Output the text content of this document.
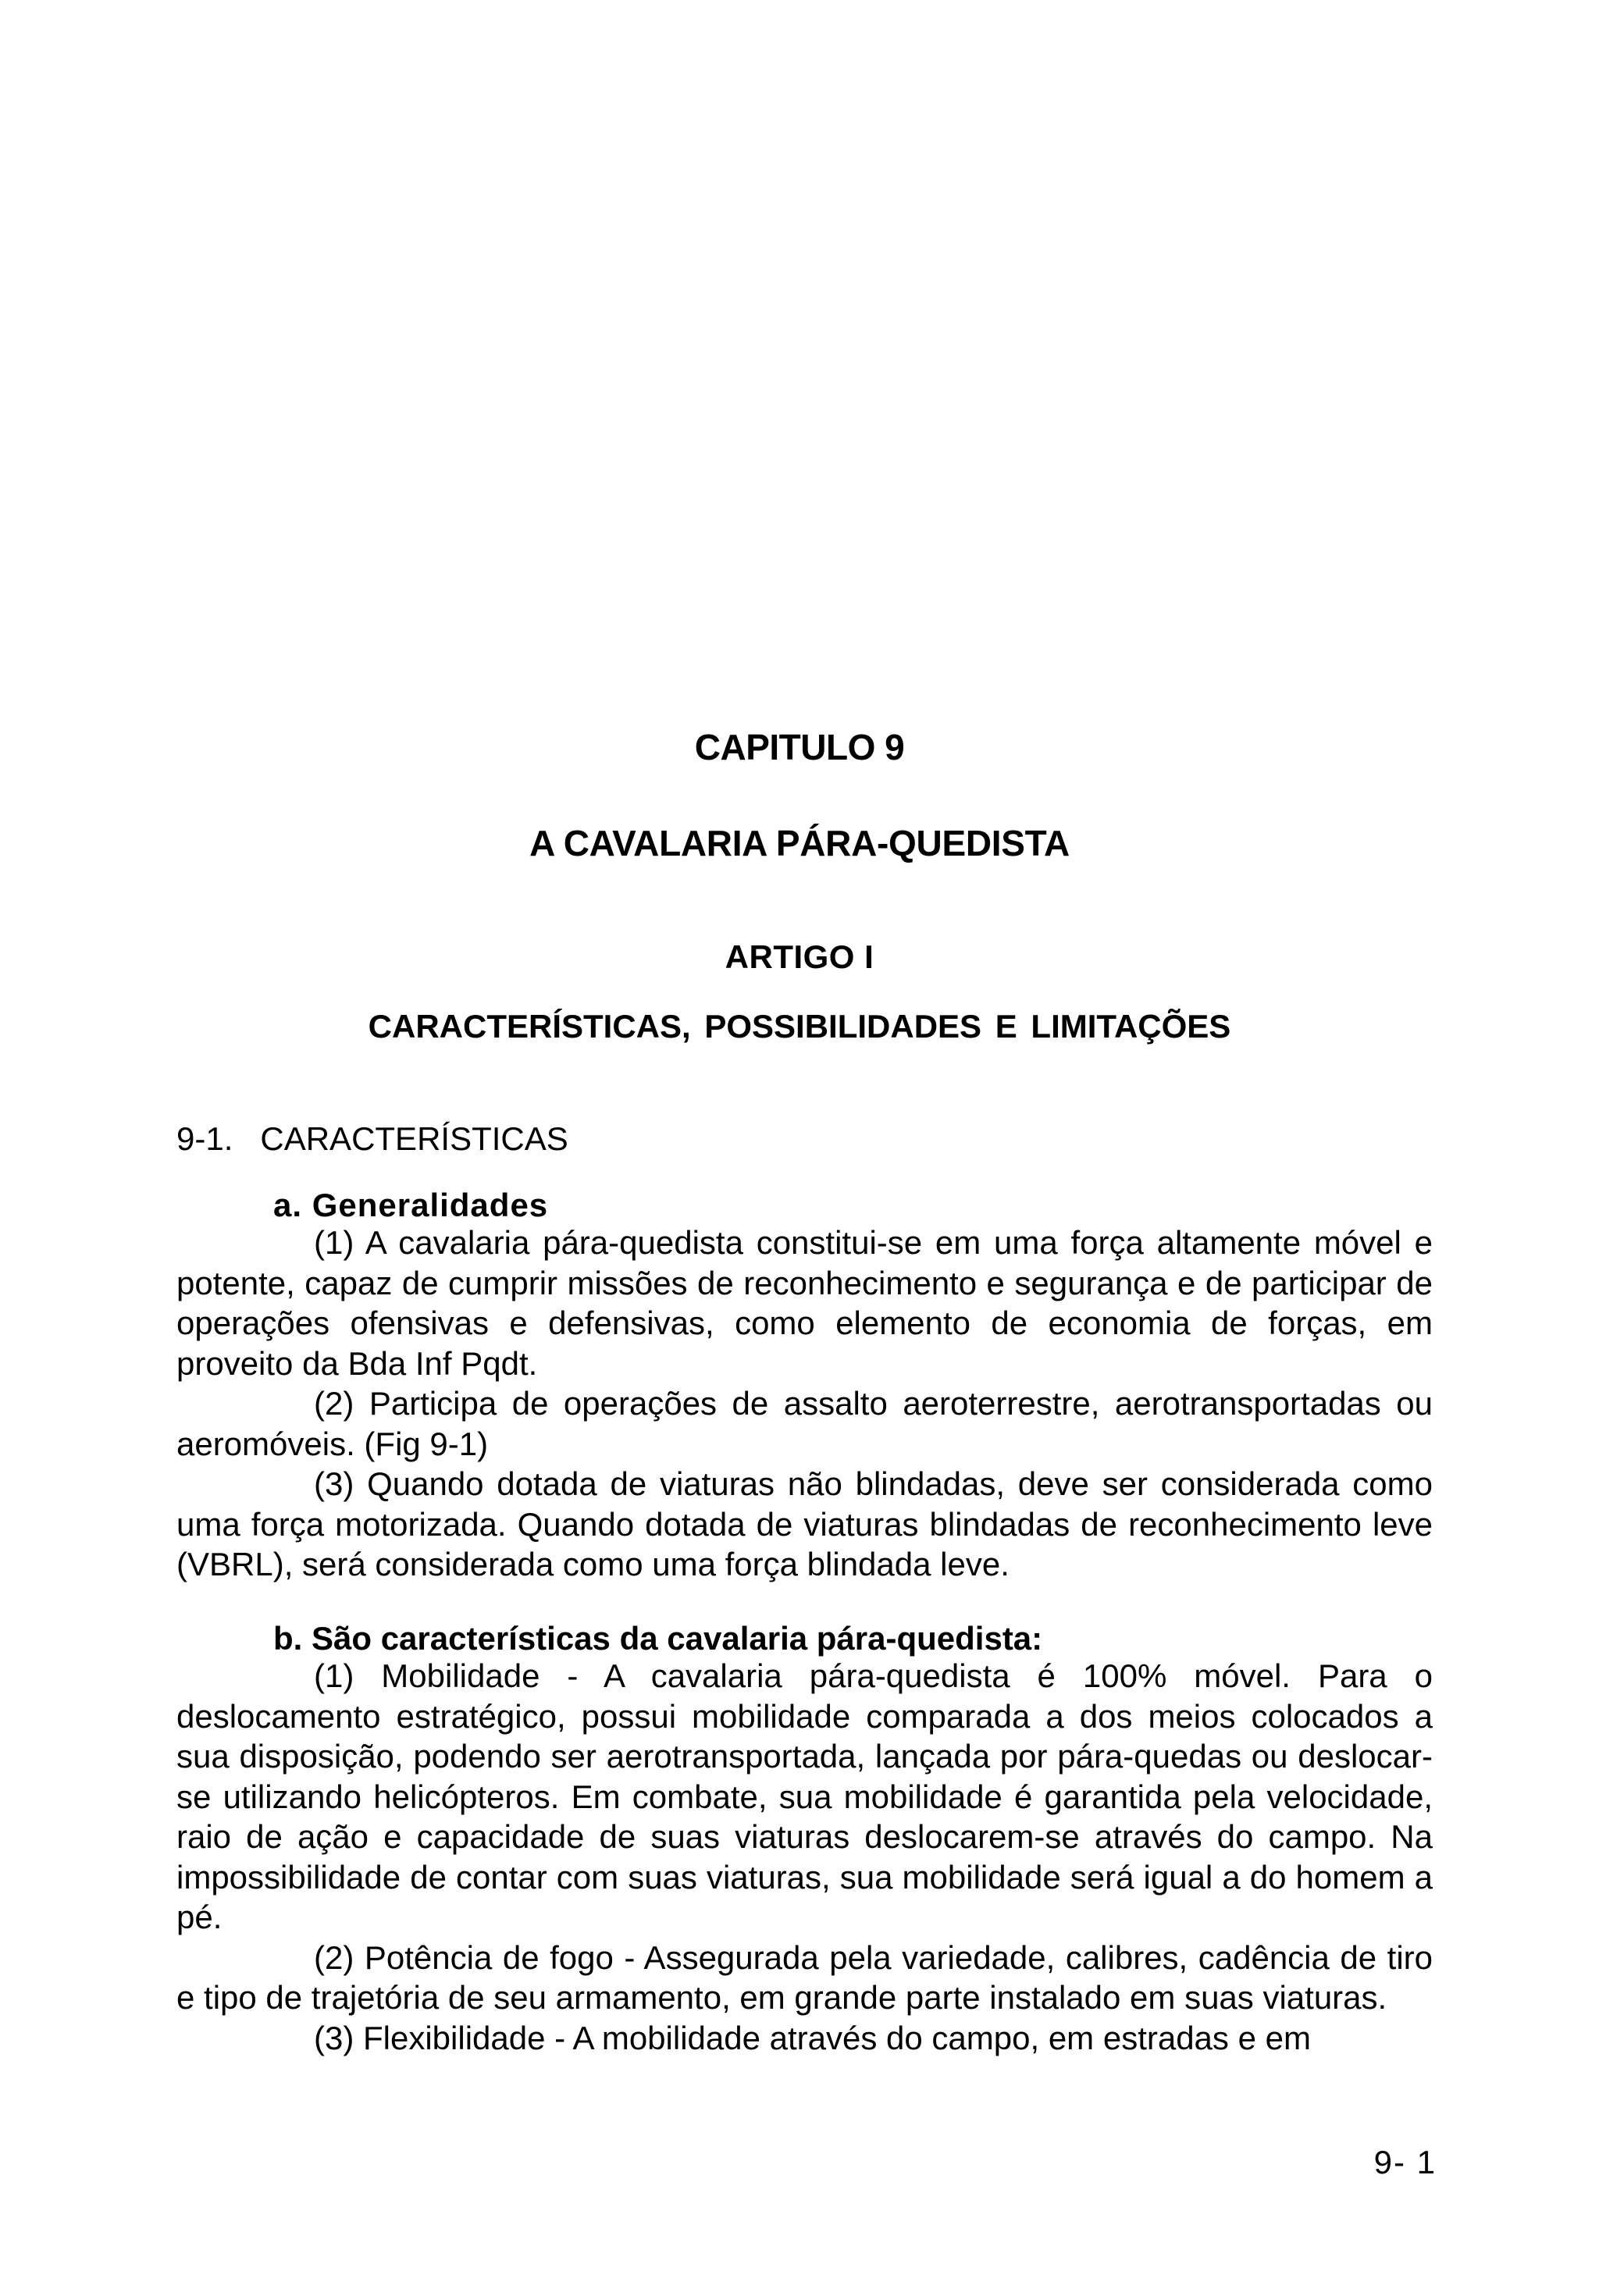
CAPITULO 9
A CAVALARIA PÁRA-QUEDISTA
ARTIGO I
CARACTERÍSTICAS, POSSIBILIDADES E LIMITAÇÕES
9-1.   CARACTERÍSTICAS
a. Generalidades

(1) A cavalaria pára-quedista constitui-se em uma força altamente móvel e potente, capaz de cumprir missões de reconhecimento e segurança e de participar de operações ofensivas e defensivas, como elemento de economia de forças, em proveito da Bda Inf Pqdt.

(2) Participa de operações de assalto aeroterrestre, aerotransportadas ou aeromóveis. (Fig 9-1)

(3) Quando dotada de viaturas não blindadas, deve ser considerada como uma força motorizada. Quando dotada de viaturas blindadas de reconhecimento leve (VBRL), será considerada como uma força blindada leve.

b. São características da cavalaria pára-quedista:

(1) Mobilidade - A cavalaria pára-quedista é 100% móvel. Para o deslocamento estratégico, possui mobilidade comparada a dos meios colocados a sua disposição, podendo ser aerotransportada, lançada por pára-quedas ou deslocar-se utilizando helicópteros. Em combate, sua mobilidade é garantida pela velocidade, raio de ação e capacidade de suas viaturas deslocarem-se através do campo. Na impossibilidade de contar com suas viaturas, sua mobilidade será igual a do homem a pé.

(2) Potência de fogo - Assegurada pela variedade, calibres, cadência de tiro e tipo de trajetória de seu armamento, em grande parte instalado em suas viaturas.

(3) Flexibilidade - A mobilidade através do campo, em estradas e em

9- 1
